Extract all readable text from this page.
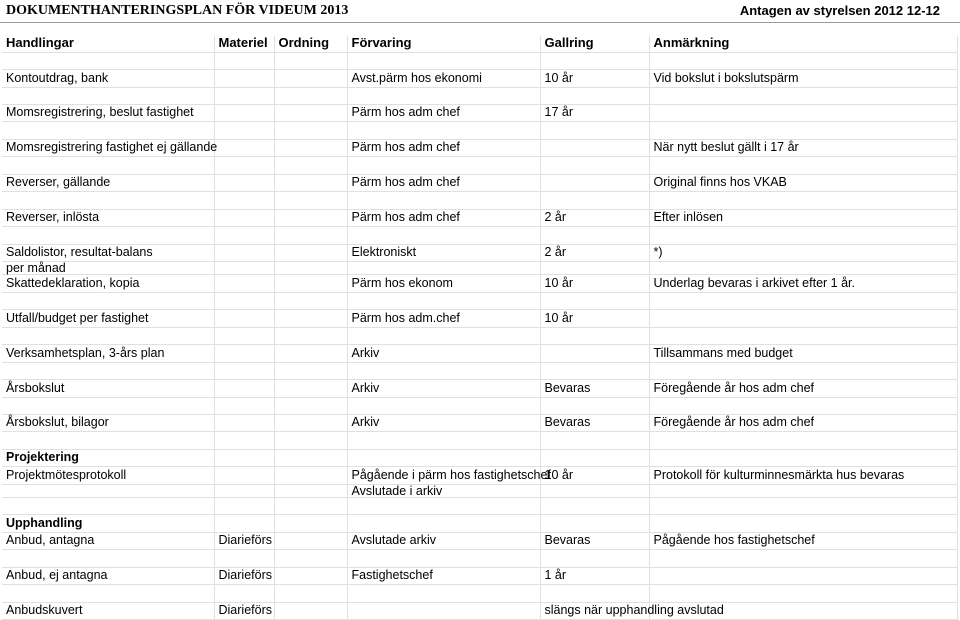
DOKUMENTHANTERINGSPLAN FÖR VIDEUM 2013	Antagen av styrelsen 2012 12-12
Handlingar	Materiel	Ordning	Förvaring	Gallring	Anmärkning

Kontoutdrag, bank			Avst.pärm hos ekonomi	10 år	Vid bokslut i bokslutspärm

Momsregistrering, beslut fastighet			Pärm hos adm chef	17 år	

Momsregistrering fastighet ej gällande			Pärm hos adm chef		När nytt beslut gällt i 17 år

Reverser, gällande			Pärm hos adm chef		Original finns hos VKAB

Reverser, inlösta			Pärm hos adm chef	2 år	Efter inlösen

Saldolistor, resultat-balans			Elektroniskt	2 år	*)
per månad					
Skattedeklaration, kopia			Pärm hos ekonom	10 år	Underlag bevaras i arkivet efter 1 år.

Utfall/budget per fastighet			Pärm hos adm.chef	10 år	

Verksamhetsplan, 3-års plan			Arkiv		Tillsammans med budget

Årsbokslut			Arkiv	Bevaras	Föregående år hos adm chef

Årsbokslut, bilagor			Arkiv	Bevaras	Föregående år hos adm chef

Projektering					
Projektmötesprotokoll			Pågående i pärm hos fastighetschef	10 år	Protokoll för kulturminnesmärkta hus bevaras
			Avslutade i arkiv		

Upphandling					
Anbud, antagna	Diarieförs		Avslutade arkiv	Bevaras	Pågående hos fastighetschef

Anbud, ej antagna	Diarieförs		Fastighetschef	1 år	

Anbudskuvert	Diarieförs			slängs när upphandling avslutad	
